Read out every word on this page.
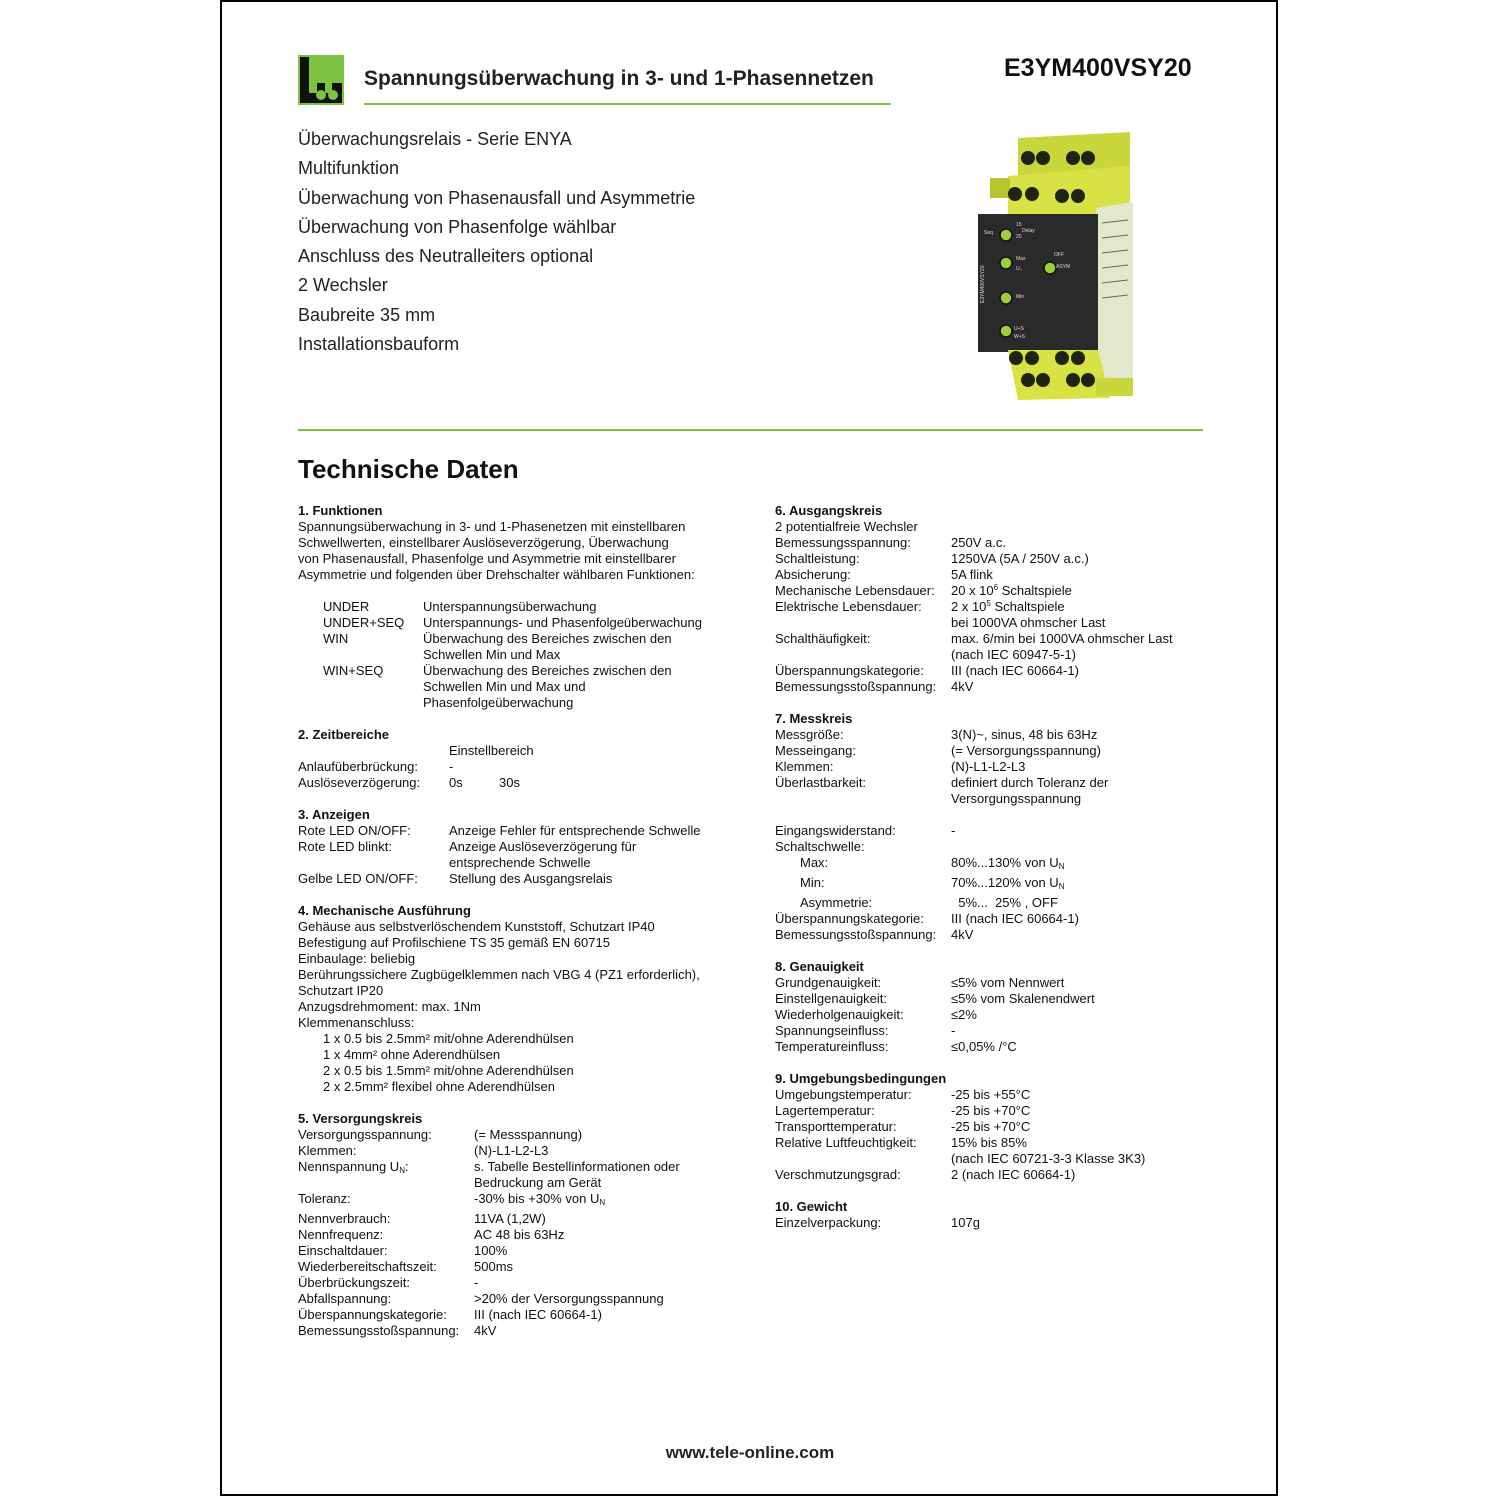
Spannungsüberwachung in 3- und 1-Phasennetzen	E3YM400VSY20
Überwachungsrelais - Serie ENYA
Multifunktion
Überwachung von Phasenausfall und Asymmetrie
Überwachung von Phasenfolge wählbar
Anschluss des Neutralleiters optional
2 Wechsler
Baubreite 35 mm
Installationsbauform
15
20
Delay
Seq
Max
U₀
Min
ASYM
OFF
U+S
W+S
E3YM400VSY20
Technische Daten
1. Funktionen
Spannungsüberwachung in 3- und 1-Phasenetzen mit einstellbaren
Schwellwerten, einstellbarer Auslöseverzögerung, Überwachung
von Phasenausfall, Phasenfolge und Asymmetrie mit einstellbarer
Asymmetrie und folgenden über Drehschalter wählbaren Funktionen:
UNDER	Unterspannungsüberwachung
UNDER+SEQ	Unterspannungs- und Phasenfolgeüberwachung
WIN	Überwachung des Bereiches zwischen den
Schwellen Min und Max
WIN+SEQ	Überwachung des Bereiches zwischen den
Schwellen Min und Max und
Phasenfolgeüberwachung
2. Zeitbereiche
Einstellbereich
Anlaufüberbrückung:	-
Auslöseverzögerung:	0s	30s
3. Anzeigen
Rote LED ON/OFF:	Anzeige Fehler für entsprechende Schwelle
Rote LED blinkt:	Anzeige Auslöseverzögerung für
entsprechende Schwelle
Gelbe LED ON/OFF:	Stellung des Ausgangsrelais
4. Mechanische Ausführung
Gehäuse aus selbstverlöschendem Kunststoff, Schutzart IP40
Befestigung auf Profilschiene TS 35 gemäß EN 60715
Einbaulage: beliebig
Berührungssichere Zugbügelklemmen nach VBG 4 (PZ1 erforderlich),
Schutzart IP20
Anzugsdrehmoment: max. 1Nm
Klemmenanschluss:
1 x 0.5 bis 2.5mm² mit/ohne Aderendhülsen
1 x 4mm² ohne Aderendhülsen
2 x 0.5 bis 1.5mm² mit/ohne Aderendhülsen
2 x 2.5mm² flexibel ohne Aderendhülsen
5. Versorgungskreis
Versorgungsspannung:	(= Messspannung)
Klemmen:	(N)-L1-L2-L3
Nennspannung $U_N$:	s. Tabelle Bestellinformationen oder
Bedruckung am Gerät
Toleranz:	-30% bis +30% von $U_N$
Nennverbrauch:	11VA (1,2W)
Nennfrequenz:	AC 48 bis 63Hz
Einschaltdauer:	100%
Wiederbereitschaftszeit:	500ms
Überbrückungszeit:	-
Abfallspannung:	>20% der Versorgungsspannung
Überspannungskategorie:	III (nach IEC 60664-1)
Bemessungsstoßspannung:	4kV
6. Ausgangskreis
2 potentialfreie Wechsler
Bemessungsspannung:	250V a.c.
Schaltleistung:	1250VA (5A / 250V a.c.)
Absicherung:	5A flink
Mechanische Lebensdauer:	20 x $10^6$ Schaltspiele
Elektrische Lebensdauer:	2 x $10^5$ Schaltspiele
bei 1000VA ohmscher Last
Schalthäufigkeit:	max. 6/min bei 1000VA ohmscher Last
(nach IEC 60947-5-1)
Überspannungskategorie:	III (nach IEC 60664-1)
Bemessungsstoßspannung:	4kV
7. Messkreis
Messgröße:	3(N)~, sinus, 48 bis 63Hz
Messeingang:	(= Versorgungsspannung)
Klemmen:	(N)-L1-L2-L3
Überlastbarkeit:	definiert durch Toleranz der
Versorgungsspannung
Eingangswiderstand:	-
Schaltschwelle:
Max:	80%...130% von $U_N$
Min:	70%...120% von $U_N$
Asymmetrie:	5%...  25% , OFF
Überspannungskategorie:	III (nach IEC 60664-1)
Bemessungsstoßspannung:	4kV
8. Genauigkeit
Grundgenauigkeit:	≤5% vom Nennwert
Einstellgenauigkeit:	≤5% vom Skalenendwert
Wiederholgenauigkeit:	≤2%
Spannungseinfluss:	-
Temperatureinfluss:	≤0,05% /°C
9. Umgebungsbedingungen
Umgebungstemperatur:	-25 bis +55°C
Lagertemperatur:	-25 bis +70°C
Transporttemperatur:	-25 bis +70°C
Relative Luftfeuchtigkeit:	15% bis 85%
(nach IEC 60721-3-3 Klasse 3K3)
Verschmutzungsgrad:	2 (nach IEC 60664-1)
10. Gewicht
Einzelverpackung:	107g
www.tele-online.com
